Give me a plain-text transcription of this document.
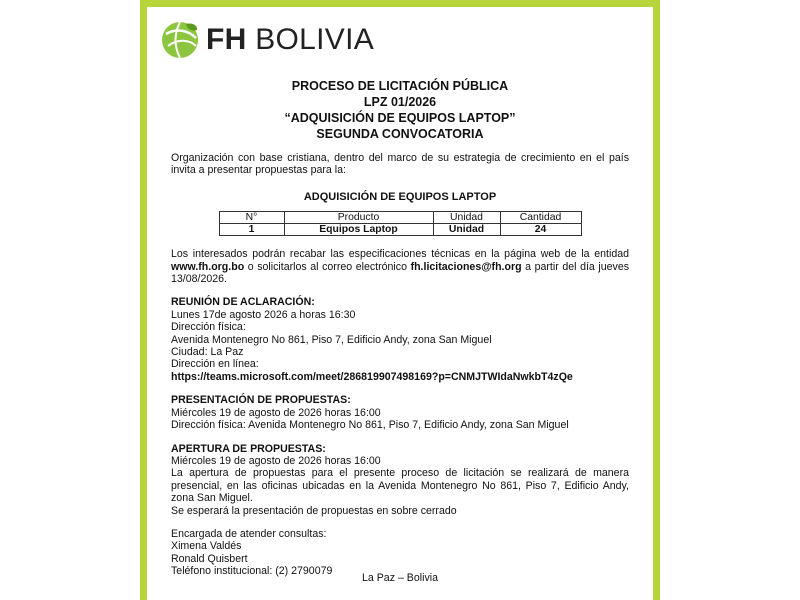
FH BOLIVIA
PROCESO DE LICITACIÓN PÚBLICA
LPZ 01/2026
“ADQUISICIÓN DE EQUIPOS LAPTOP”
SEGUNDA CONVOCATORIA

Organización con base cristiana, dentro del marco de su estrategia de crecimiento en el país invita a presentar propuestas para la:

ADQUISICIÓN DE EQUIPOS LAPTOP
N°	Producto	Unidad	Cantidad
1	Equipos Laptop	Unidad	24

Los interesados podrán recabar las especificaciones técnicas en la página web de la entidad www.fh.org.bo o solicitarlos al correo electrónico fh.licitaciones@fh.org a partir del día jueves 13/08/2026.

REUNIÓN DE ACLARACIÓN:

Lunes 17de agosto 2026 a horas 16:30

Dirección física:

Avenida Montenegro No 861, Piso 7, Edificio Andy, zona San Miguel

Ciudad: La Paz

Dirección en línea:

https://teams.microsoft.com/meet/286819907498169?p=CNMJTWIdaNwkbT4zQe

PRESENTACIÓN DE PROPUESTAS:

Miércoles 19 de agosto de 2026 horas 16:00

Dirección física: Avenida Montenegro No 861, Piso 7, Edificio Andy, zona San Miguel

APERTURA DE PROPUESTAS:

Miércoles 19 de agosto de 2026 horas 16:00

La apertura de propuestas para el presente proceso de licitación se realizará de manera presencial, en las oficinas ubicadas en la Avenida Montenegro No 861, Piso 7, Edificio Andy, zona San Miguel.

Se esperará la presentación de propuestas en sobre cerrado

Encargada de atender consultas:

Ximena Valdés

Ronald Quisbert

Teléfono institucional: (2) 2790079

La Paz – Bolivia
